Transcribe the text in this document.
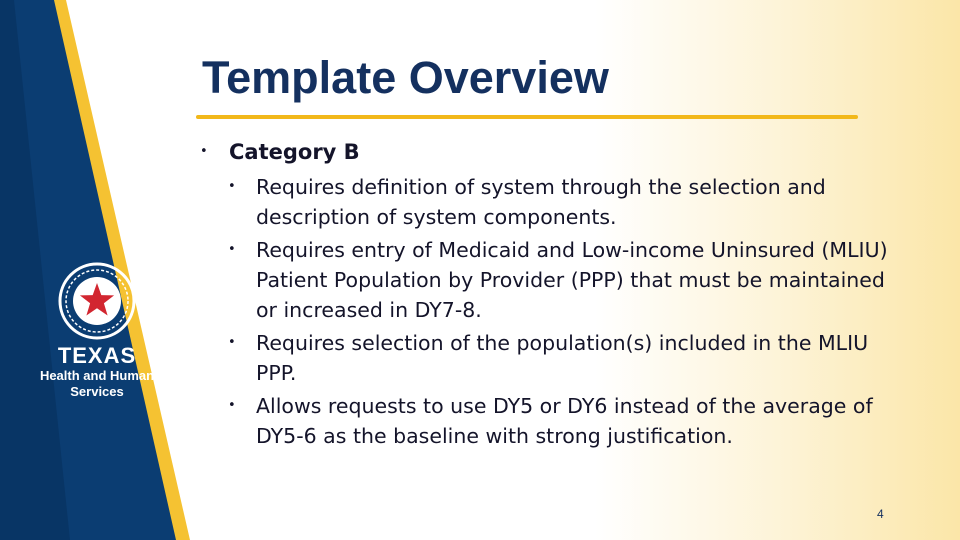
TEXAS
Health and Human
Services
Template Overview
• Category B
• Requires definition of system through the selection and description of system components.
• Requires entry of Medicaid and Low-income Uninsured (MLIU) Patient Population by Provider (PPP) that must be maintained or increased in DY7-8.
• Requires selection of the population(s) included in the MLIU PPP.
• Allows requests to use DY5 or DY6 instead of the average of DY5-6 as the baseline with strong justification.
4
